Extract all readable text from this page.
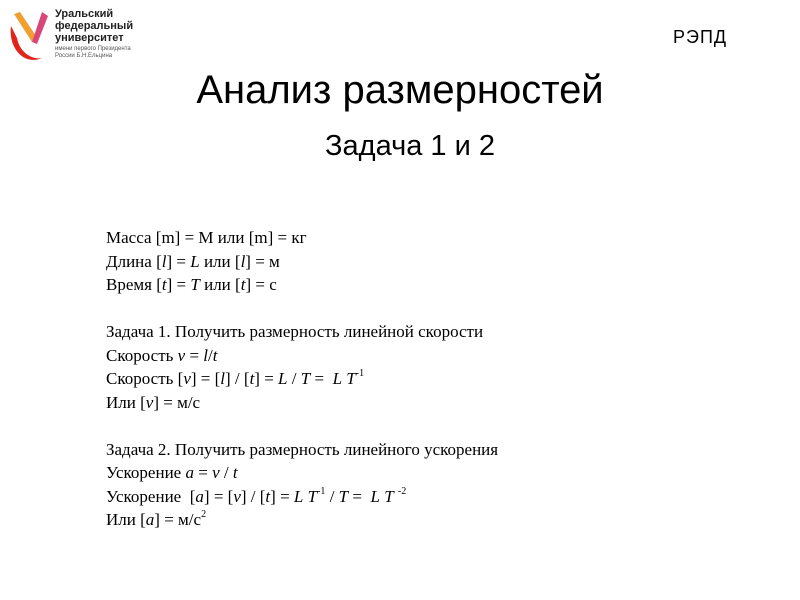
Уральский
федеральный
университет
имени первого Президента
России Б.Н.Ельцина
РЭПД
Анализ размерностей
Задача 1 и 2
Масса [m] = М или [m] = кг
Длина [l] = L или [l] = м
Время [t] = T или [t] = с
Задача 1. Получить размерность линейной скорости
Скорость v = l/t
Скорость [v] = [l] / [t] = L / T =  L $T^{-1}$
Или [v] = м/с
Задача 2. Получить размерность линейного ускорения
Ускорение a = v / t
Ускорение  [a] = [v] / [t] = L $T^{-1} / T = L$ T $^{-2}$
Или $[a] = м/с^2$
